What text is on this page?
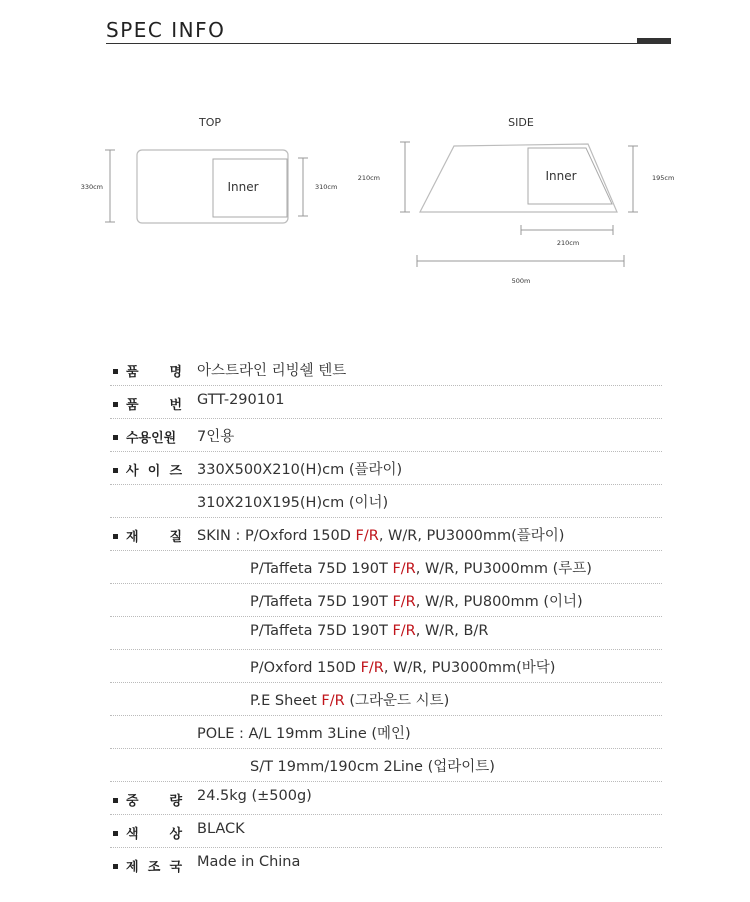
SPEC INFO
TOP
Inner
330cm	310cm
SIDE
Inner
210cm	195cm
210cm
500m
품 명 아스트라인 리빙쉘 텐트
품 번 GTT-290101
수용인원 7인용
사 이 즈 330X500X210(H)cm (플라이)
310X210X195(H)cm (이너)
재 질 SKIN : P/Oxford 150D F/R, W/R, PU3000mm(플라이)
P/Taffeta 75D 190T F/R, W/R, PU3000mm (루프)
P/Taffeta 75D 190T F/R, W/R, PU800mm (이너)
P/Taffeta 75D 190T F/R, W/R, B/R
P/Oxford 150D F/R, W/R, PU3000mm(바닥)
P.E Sheet F/R (그라운드 시트)
POLE : A/L 19mm 3Line (메인)
S/T 19mm/190cm 2Line (업라이트)
중 량 24.5kg (±500g)
색 상 BLACK
제 조 국 Made in China
